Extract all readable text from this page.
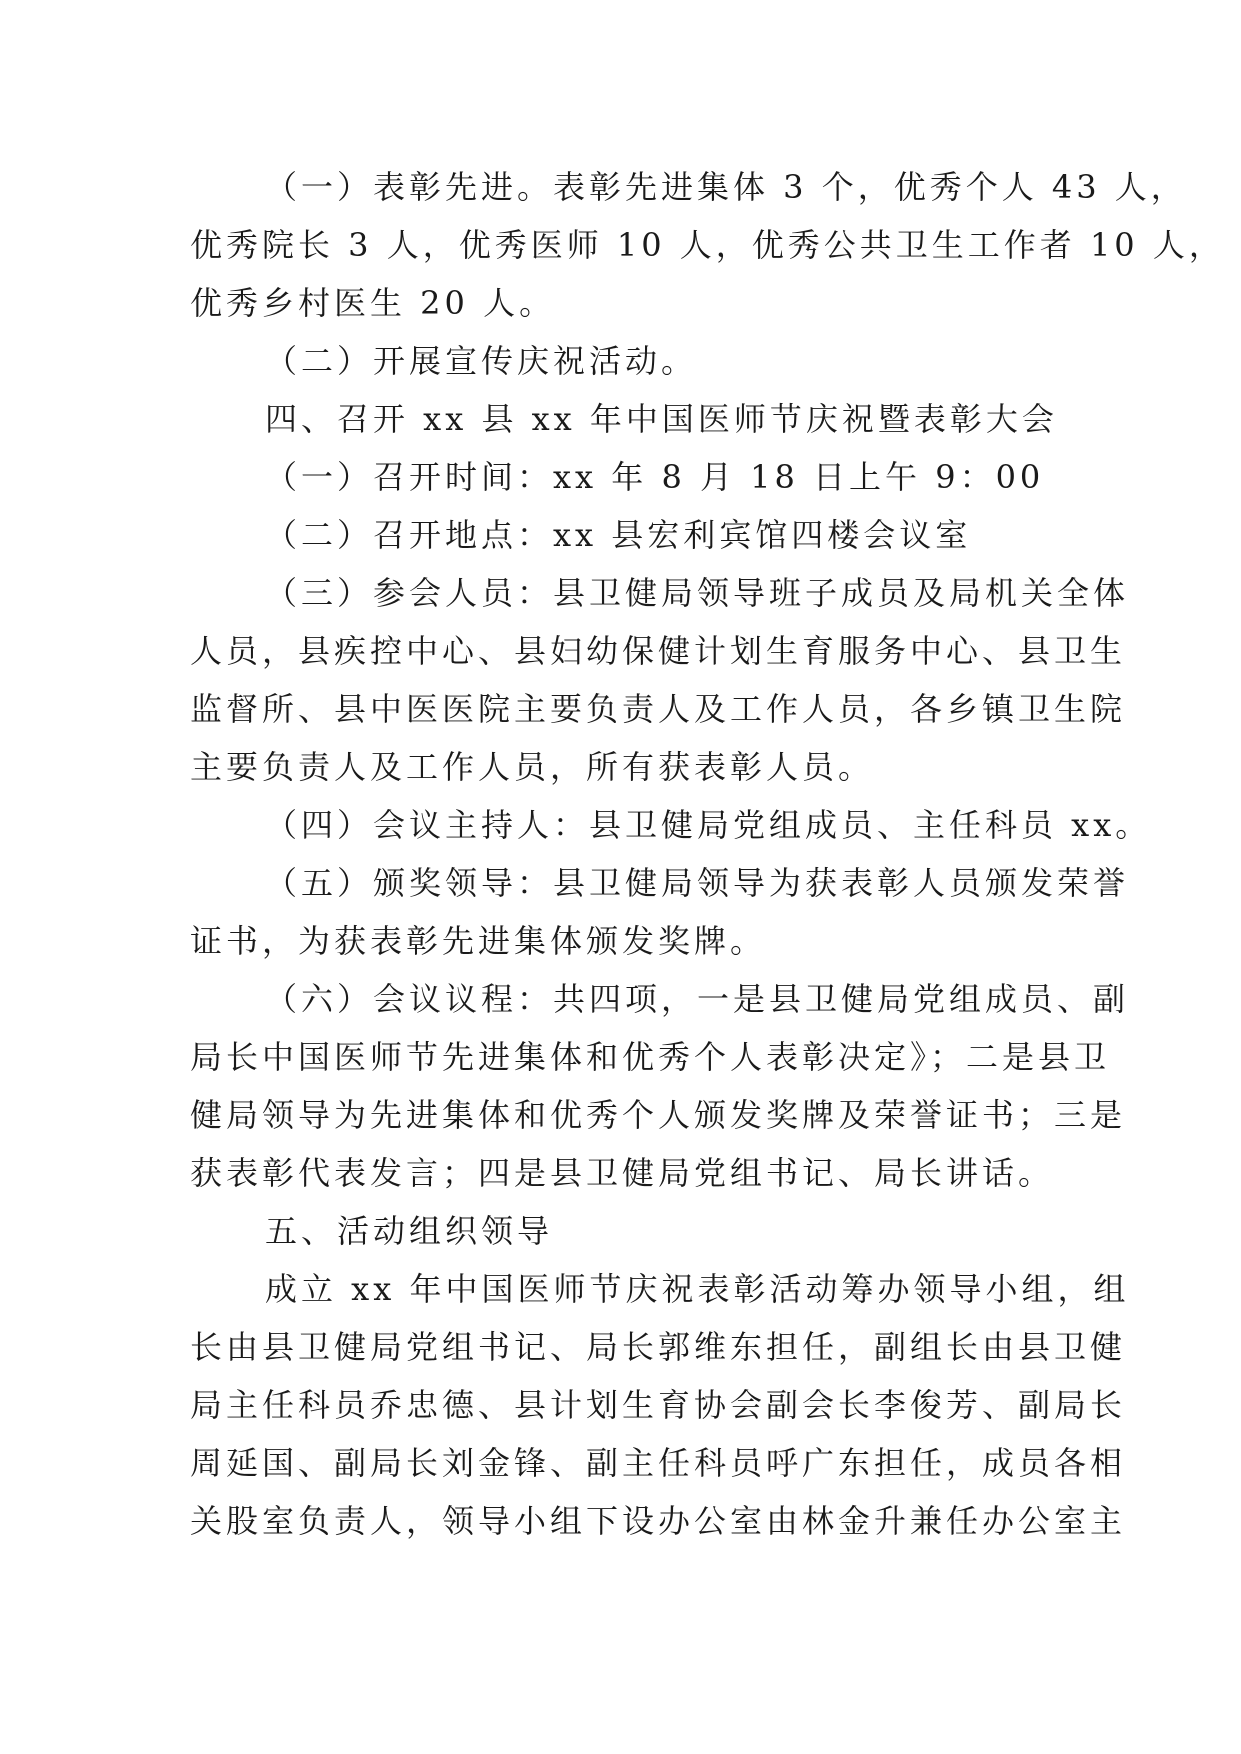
（一）表彰先进。表彰先进集体 3 个，优秀个人 43 人，
优秀院长 3 人，优秀医师 10 人，优秀公共卫生工作者 10 人，
优秀乡村医生 20 人。
（二）开展宣传庆祝活动。
四、召开 xx 县 xx 年中国医师节庆祝暨表彰大会
（一）召开时间：xx 年 8 月 18 日上午 9：00
（二）召开地点：xx 县宏利宾馆四楼会议室
（三）参会人员：县卫健局领导班子成员及局机关全体
人员，县疾控中心、县妇幼保健计划生育服务中心、县卫生
监督所、县中医医院主要负责人及工作人员，各乡镇卫生院
主要负责人及工作人员，所有获表彰人员。
（四）会议主持人：县卫健局党组成员、主任科员 xx。
（五）颁奖领导：县卫健局领导为获表彰人员颁发荣誉
证书，为获表彰先进集体颁发奖牌。
（六）会议议程：共四项，一是县卫健局党组成员、副
局长中国医师节先进集体和优秀个人表彰决定》；二是县卫
健局领导为先进集体和优秀个人颁发奖牌及荣誉证书；三是
获表彰代表发言；四是县卫健局党组书记、局长讲话。
五、活动组织领导
成立 xx 年中国医师节庆祝表彰活动筹办领导小组，组
长由县卫健局党组书记、局长郭维东担任，副组长由县卫健
局主任科员乔忠德、县计划生育协会副会长李俊芳、副局长
周延国、副局长刘金锋、副主任科员呼广东担任，成员各相
关股室负责人，领导小组下设办公室由林金升兼任办公室主
